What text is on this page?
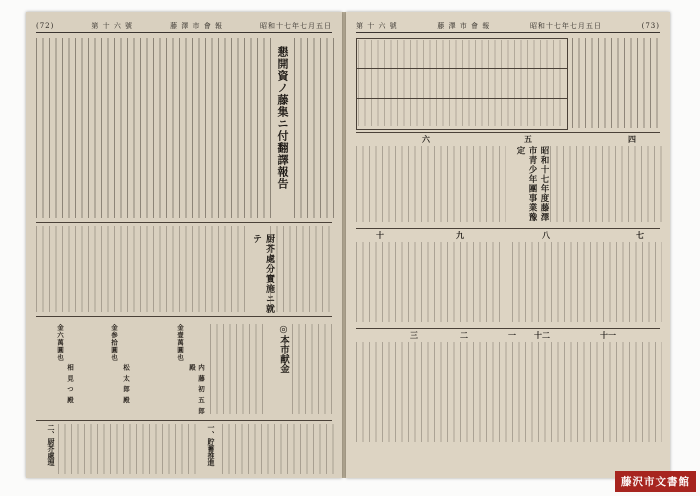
(72)	第 十 六 號	藤 澤 市 會 報	昭和十七年七月五日
懇開資ノ藤集ニ付翻譯報告
厨芥處分實施ニ就テ
金六萬圓也
相 見 つ 殿
金参拾圓也
松 太 郎 殿
金壹萬圓也
内 藤 初 五 郎 殿	◎本市献金
一、貯蓄推進
二、厨芥處理
第 十 六 號	藤 澤 市 會 報	昭和十七年七月五日	(73)
六	五	四
昭和十七年度藤澤市青少年團事業豫定
十	九	八	七
三	二	一 十二	十一
藤沢市文書館
